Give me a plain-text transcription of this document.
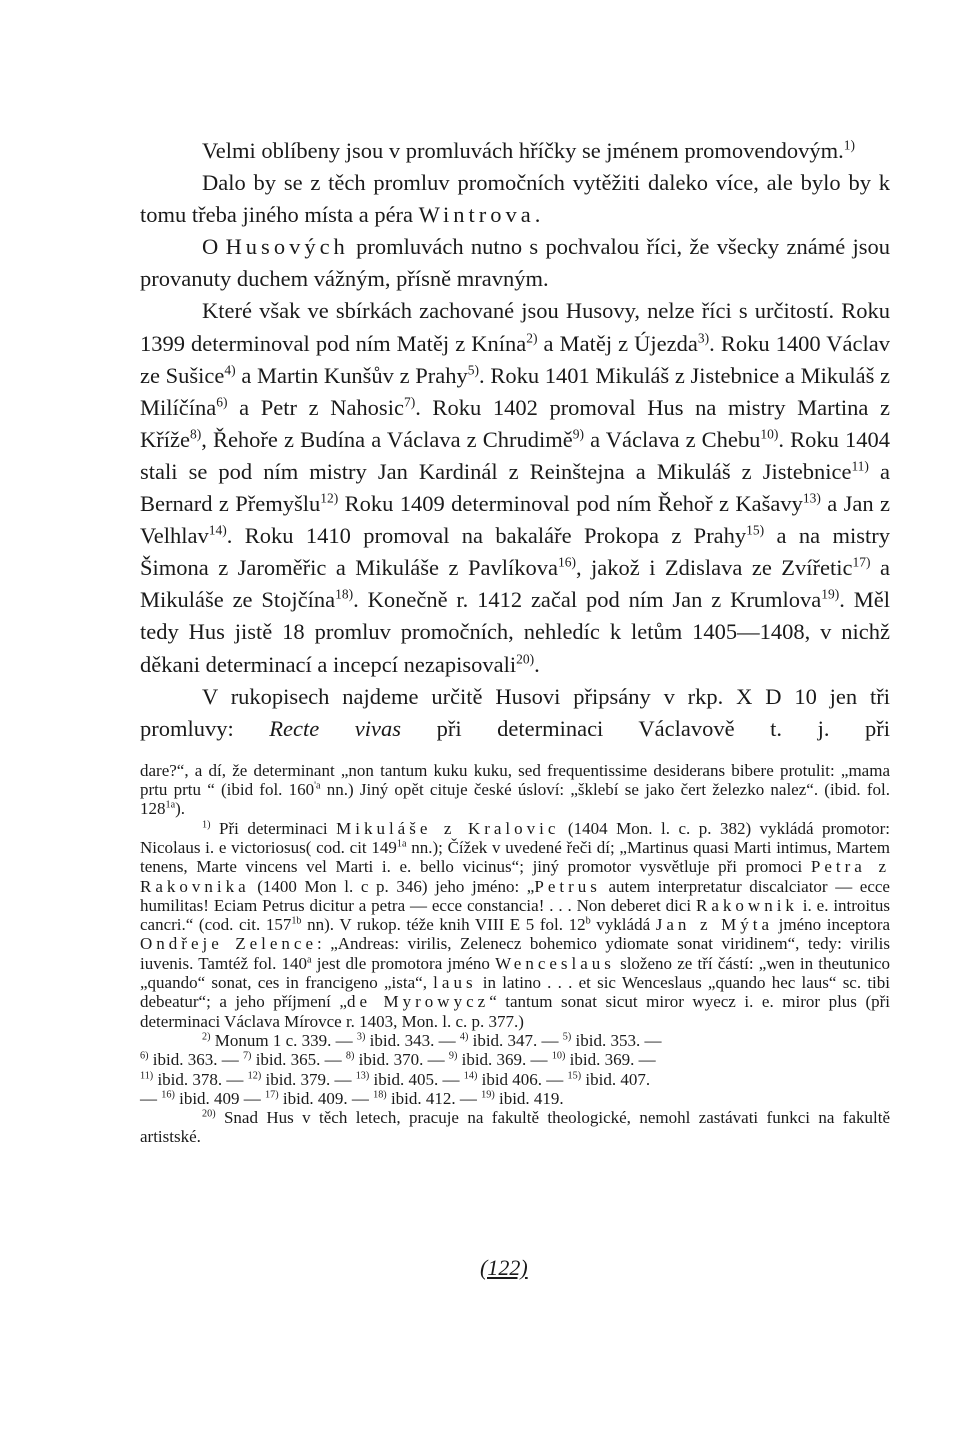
Velmi oblíbeny jsou v promluvách hříčky se jménem promovendovým.$^{1)}$

Dalo by se z těch promluv promočních vytěžiti daleko více, ale bylo by k tomu třeba jiného místa a péra Wintrova.

O Husových promluvách nutno s pochvalou říci, že všecky známé jsou provanuty duchem vážným, přísně mravným.

Které však ve sbírkách zachované jsou Husovy, nelze říci s určitostí. Roku 1399 determinoval pod ním Matěj z Knína$^{2)}$ a Matěj z Újezda$^{3)}$. Roku 1400 Václav ze Sušice$^{4)}$ a Martin Kunšův z Prahy$^{5)}$. Roku 1401 Mikuláš z Jistebnice a Mikuláš z Milíčína$^{6)}$ a Petr z Nahosic$^{7)}$. Roku 1402 promoval Hus na mistry Martina z Kříže$^{8)}$, Řehoře z Budína a Václava z Chrudimě$^{9)}$ a Václava z Chebu$^{10)}$. Roku 1404 stali se pod ním mistry Jan Kardinál z Reinštejna a Mikuláš z Jistebnice$^{11)}$ a Bernard z Přemyšlu$^{12)}$ Roku 1409 determinoval pod ním Řehoř z Kašavy$^{13)}$ a Jan z Velhlav$^{14)}$. Roku 1410 promoval na bakaláře Prokopa z Prahy$^{15)}$ a na mistry Šimona z Jaroměřic a Mikuláše z Pavlíkova$^{16)}$, jakož i Zdislava ze Zvířetic$^{17)}$ a Mikuláše ze Stojčína$^{18)}$. Konečně r. 1412 začal pod ním Jan z Krumlova$^{19)}$. Měl tedy Hus jistě 18 promluv promočních, nehledíc k letům 1405—1408, v nichž děkani determinací a incepcí nezapisovali$^{20)}$.

V rukopisech najdeme určitě Husovi připsány v rkp. X D 10 jen tři promluvy: Recte vivas při determinaci Václavově t. j. při

dare?“, a dí, že determinant „non tantum kuku kuku, sed frequentissime desiderans bibere protulit: „mama prtu prtu “ (ibid fol. $160^{'a}$ nn.) Jiný opět cituje české úsloví: „šklebí se jako čert železko nalez“. (ibid. fol. $128^{1a}$).

$^{1)}$ Při determinaci Mikuláše z Kralovic (1404 Mon. l. c. p. 382) vykládá promotor: Nicolaus i. e victoriosus( cod. cit $149^{1a}$ nn.); Čížek v uvedené řeči dí; „Martinus quasi Marti intimus, Martem tenens, Marte vincens vel Marti i. e. bello vicinus“; jiný promotor vysvětluje při promoci Petra z Rakovnika (1400 Mon l. c p. 346) jeho jméno: „Petrus autem interpretatur discalciator — ecce humilitas! Eciam Petrus dicitur a petra — ecce constancia! . . . Non deberet dici Rakownik i. e. introitus cancri.“ (cod. cit. $157^{1b}$ nn). V rukop. téže knih VIII E 5 fol. 12$^b$ vykládá Jan z Mýta jméno inceptora Ondřeje Zelence: „Andreas: virilis, Zelenecz bohemico ydiomate sonat viridinem“, tedy: virilis iuvenis. Tamtéž fol. 140$^a$ jest dle promotora jméno Wenceslaus složeno ze tří částí: „wen in theutunico „quando“ sonat, ces in francigeno „ista“, laus in latino . . . et sic Wenceslaus „quando hec laus“ sc. tibi debeatur“; a jeho příjmení „de Myrowycz“ tantum sonat sicut miror wyecz i. e. miror plus (při determinaci Václava Mírovce r. 1403, Mon. l. c. p. 377.)

$^{2)}$ Monum 1 c. 339. — $^{3)}$ ibid. 343. — $^{4)}$ ibid. 347. — $^{5)}$ ibid. 353. —

$^{6)}$ ibid. 363. — $^{7)}$ ibid. 365. — $^{8)}$ ibid. 370. — $^{9)}$ ibid. 369. — $^{10)}$ ibid. 369. —

$^{11)}$ ibid. 378. — $^{12)}$ ibid. 379. — $^{13)}$ ibid. 405. — $^{14)}$ ibid 406. — $^{15)}$ ibid. 407.

— $^{16)}$ ibid. 409 — $^{17)}$ ibid. 409. — $^{18)}$ ibid. 412. — $^{19)}$ ibid. 419.

$^{20)}$ Snad Hus v těch letech, pracuje na fakultě theologické, nemohl zastávati funkci na fakultě artistské.

(122)
